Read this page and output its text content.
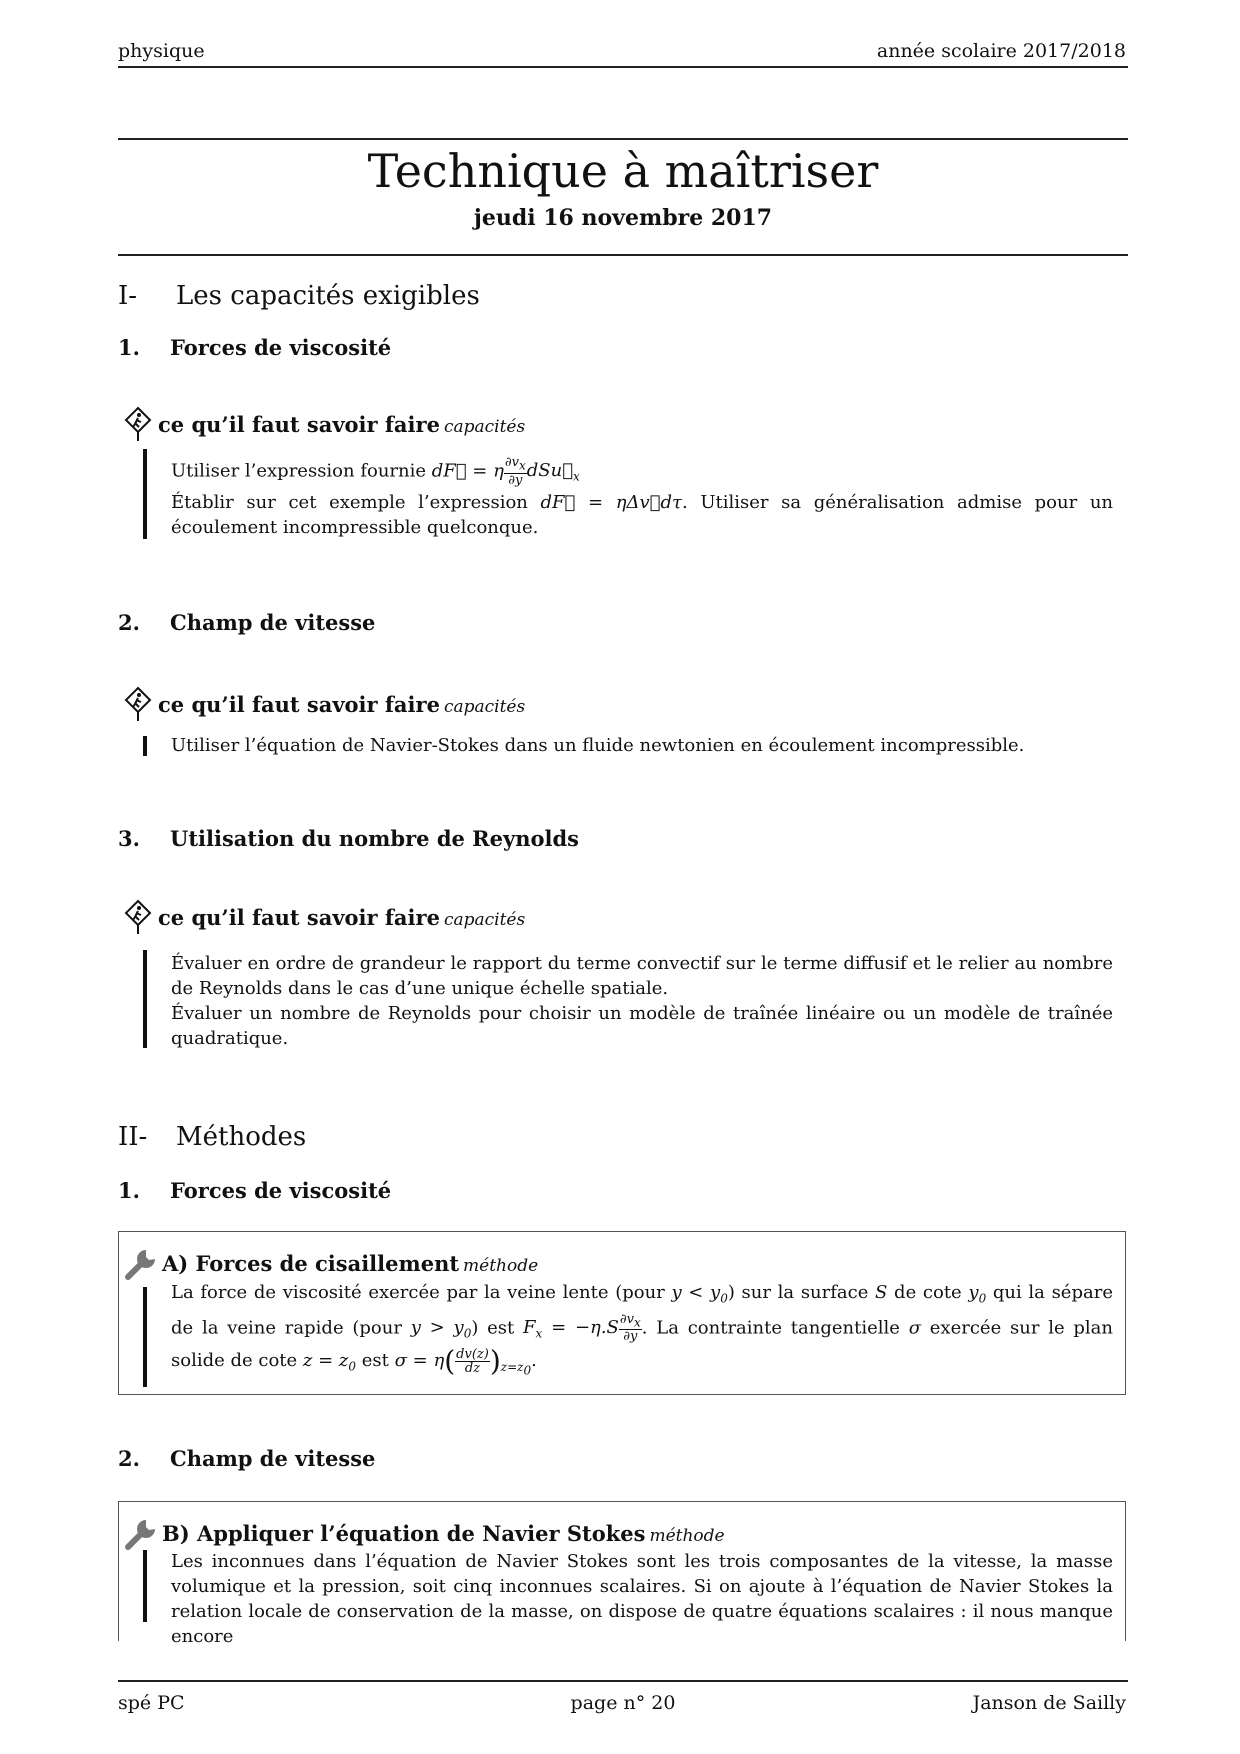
physique	année scolaire 2017/2018
Technique à maîtriser
jeudi 16 novembre 2017
I- Les capacités exigibles
1. Forces de viscosité
ce qu’il faut savoir faire capacités

Utiliser l’expression fournie dF⃗ = η $\frac{\partial v_x}{\partial y}$ $dSu⃗_x$

Établir sur cet exemple l’expression dF⃗ = ηΔv⃗dτ. Utiliser sa généralisation admise pour un écoulement incompressible quelconque.

2. Champ de vitesse
ce qu’il faut savoir faire capacités
Utiliser l’équation de Navier-Stokes dans un fluide newtonien en écoulement incompressible.
3. Utilisation du nombre de Reynolds
ce qu’il faut savoir faire capacités

Évaluer en ordre de grandeur le rapport du terme convectif sur le terme diffusif et le relier au nombre de Reynolds dans le cas d’une unique échelle spatiale.

Évaluer un nombre de Reynolds pour choisir un modèle de traînée linéaire ou un modèle de traînée quadratique.

II- Méthodes
1. Forces de viscosité
A) Forces de cisaillement méthode
La force de viscosité exercée par la veine lente (pour $y < y_0$) sur la surface S de cote $y_0$ qui la sépare de la veine rapide (pour $y > y_0$) est $F_x = -\eta.S \frac{\partial v_x}{\partial y}$ . La contrainte tangentielle σ exercée sur le plan solide de cote $z = z_0$ est $\sigma = \eta( \frac{dv(z)}{dz} )_{z=z_0}$.
2. Champ de vitesse
B) Appliquer l’équation de Navier Stokes méthode
Les inconnues dans l’équation de Navier Stokes sont les trois composantes de la vitesse, la masse volumique et la pression, soit cinq inconnues scalaires. Si on ajoute à l’équation de Navier Stokes la relation locale de conservation de la masse, on dispose de quatre équations scalaires : il nous manque encore
spé PC	page n° 20	Janson de Sailly
